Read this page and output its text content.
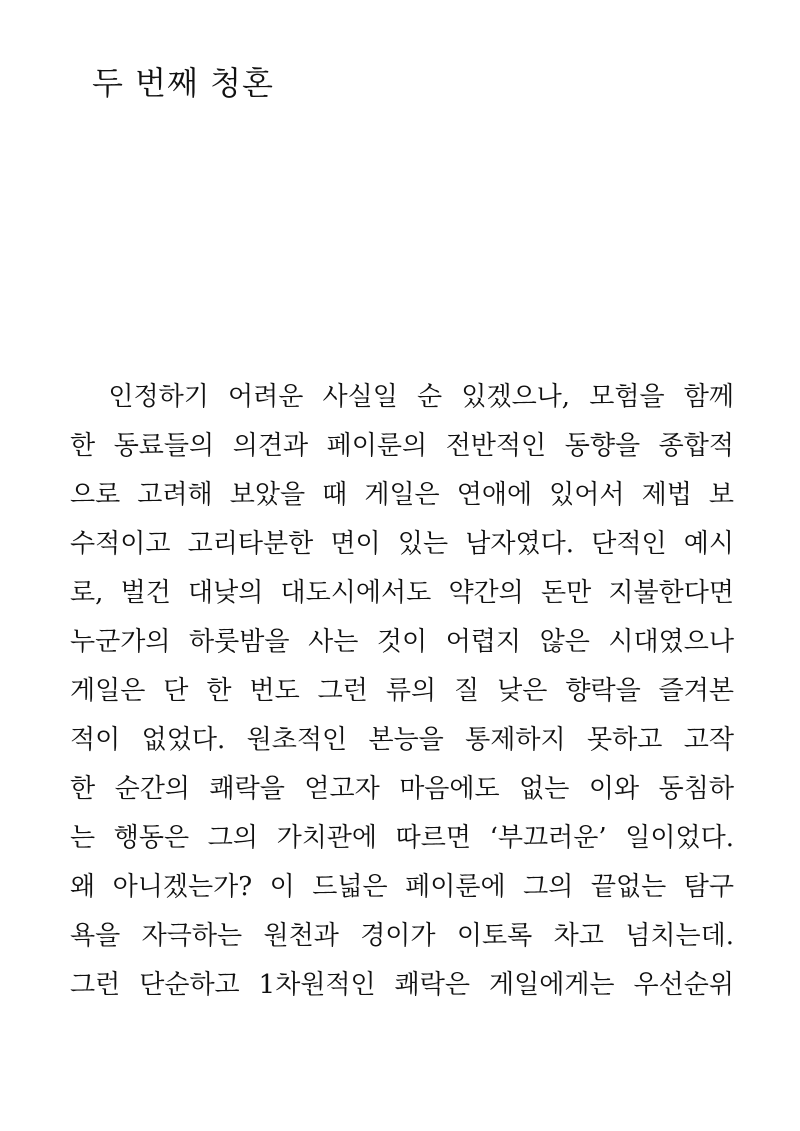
두 번째 청혼
인정하기 어려운 사실일 순 있겠으나, 모험을 함께
한 동료들의 의견과 페이룬의 전반적인 동향을 종합적
으로 고려해 보았을 때 게일은 연애에 있어서 제법 보
수적이고 고리타분한 면이 있는 남자였다. 단적인 예시
로, 벌건 대낮의 대도시에서도 약간의 돈만 지불한다면
누군가의 하룻밤을 사는 것이 어렵지 않은 시대였으나
게일은 단 한 번도 그런 류의 질 낮은 향락을 즐겨본
적이 없었다. 원초적인 본능을 통제하지 못하고 고작
한 순간의 쾌락을 얻고자 마음에도 없는 이와 동침하
는 행동은 그의 가치관에 따르면 ‘부끄러운’ 일이었다.
왜 아니겠는가? 이 드넓은 페이룬에 그의 끝없는 탐구
욕을 자극하는 원천과 경이가 이토록 차고 넘치는데.
그런 단순하고 1차원적인 쾌락은 게일에게는 우선순위
